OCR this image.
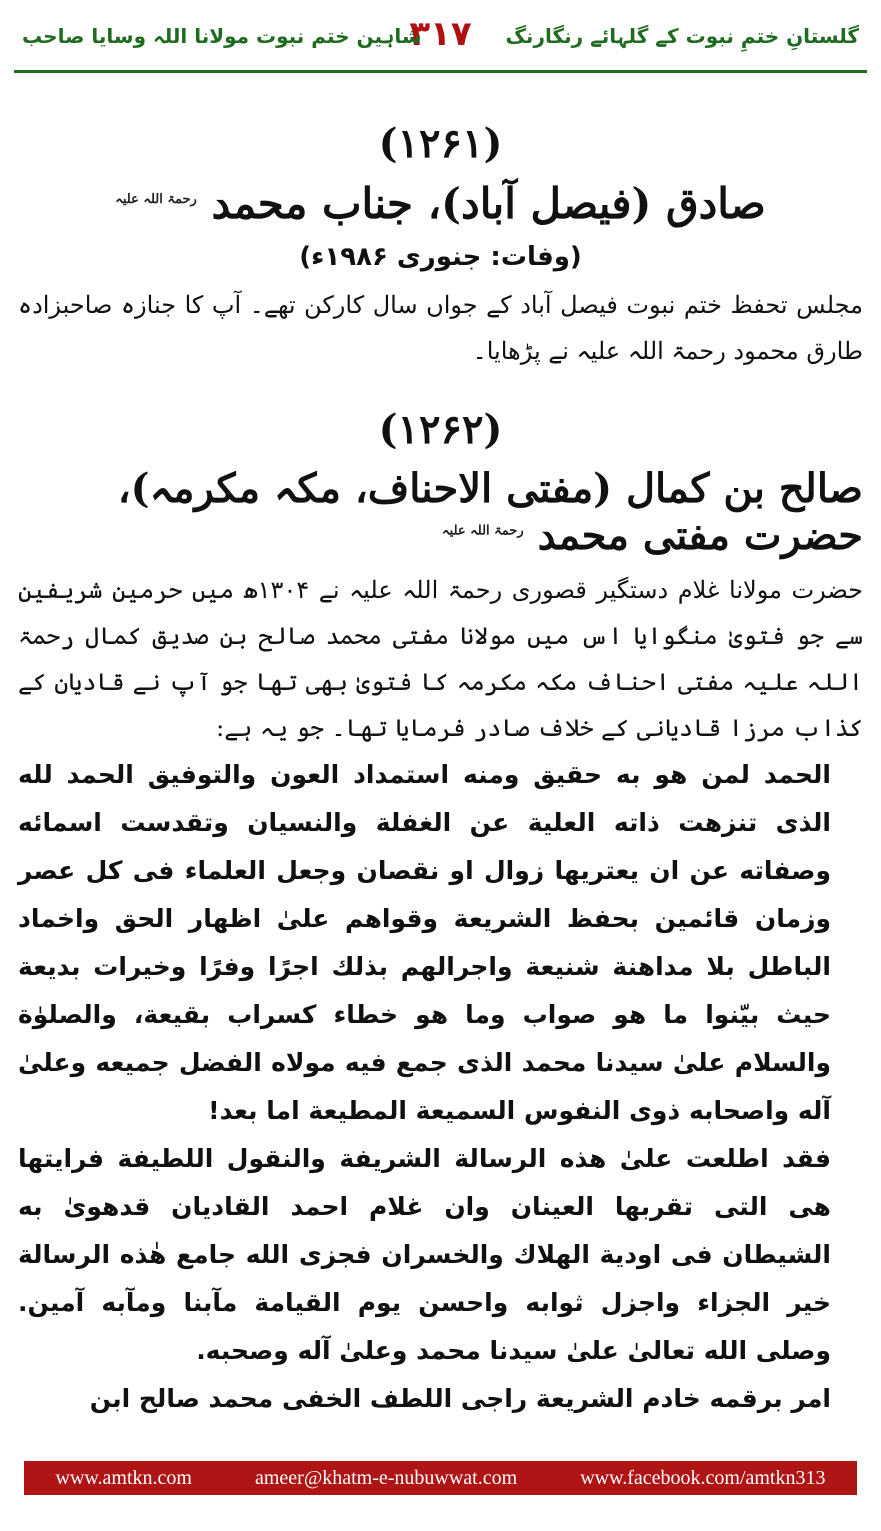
گلستانِ ختمِ نبوت کے گلہائے رنگارنگ
۳۱۷
شاہین ختم نبوت مولانا اللہ وسایا صاحب
(۱۲۶۱)
صادق (فیصل آباد)، جناب محمد $^{رحمۃ اللہ علیہ}$
(وفات: جنوری ۱۹۸۶ء)
مجلس تحفظ ختم نبوت فیصل آباد کے جواں سال کارکن تھے۔ آپ کا جنازہ صاحبزادہ طارق محمود رحمۃ اللہ علیہ نے پڑھایا۔
(۱۲۶۲)
صالح بن کمال (مفتی الاحناف، مکہ مکرمہ)، حضرت مفتی محمد $^{رحمۃ اللہ علیہ}$
حضرت مولانا غلام دستگیر قصوری رحمۃ اللہ علیہ نے ۱۳۰۴ھ میں حرمین شریفین سے جو فتویٰ منگوایا اس میں مولانا مفتی محمد صالح بن صدیق کمال رحمۃ اللہ علیہ مفتی احناف مکہ مکرمہ کا فتویٰ بھی تھا جو آپ نے قادیان کے کذاب مرزا قادیانی کے خلاف صادر فرمایا تھا۔ جو یہ ہے:
الحمد لمن هو به حقيق ومنه استمداد العون والتوفيق الحمد لله الذى تنزهت ذاته العلية عن الغفلة والنسيان وتقدست اسمائه وصفاته عن ان يعتريها زوال او نقصان وجعل العلماء فى كل عصر وزمان قائمين بحفظ الشريعة وقواهم علىٰ اظهار الحق واخماد الباطل بلا مداهنة شنيعة واجرالهم بذلك اجرًا وفرًا وخيرات بديعة حيث بيّنوا ما هو صواب وما هو خطاء كسراب بقيعة، والصلوٰة والسلام علىٰ سيدنا محمد الذى جمع فيه مولاه الفضل جميعه وعلىٰ آله واصحابه ذوى النفوس السميعة المطيعة اما بعد!
فقد اطلعت علىٰ هذه الرسالة الشريفة والنقول اللطيفة فرايتها هى التى تقربها العينان وان غلام احمد القاديان قدهوىٰ به الشيطان فى اودية الهلاك والخسران فجزى الله جامع هٰذه الرسالة خير الجزاء واجزل ثوابه واحسن يوم القيامة مآبنا ومآبه آمين. وصلى الله تعالىٰ علىٰ سيدنا محمد وعلىٰ آله وصحبه.
امر برقمه خادم الشريعة راجى اللطف الخفى محمد صالح ابن
www.amtkn.com	ameer@khatm-e-nubuwwat.com	www.facebook.com/amtkn313
